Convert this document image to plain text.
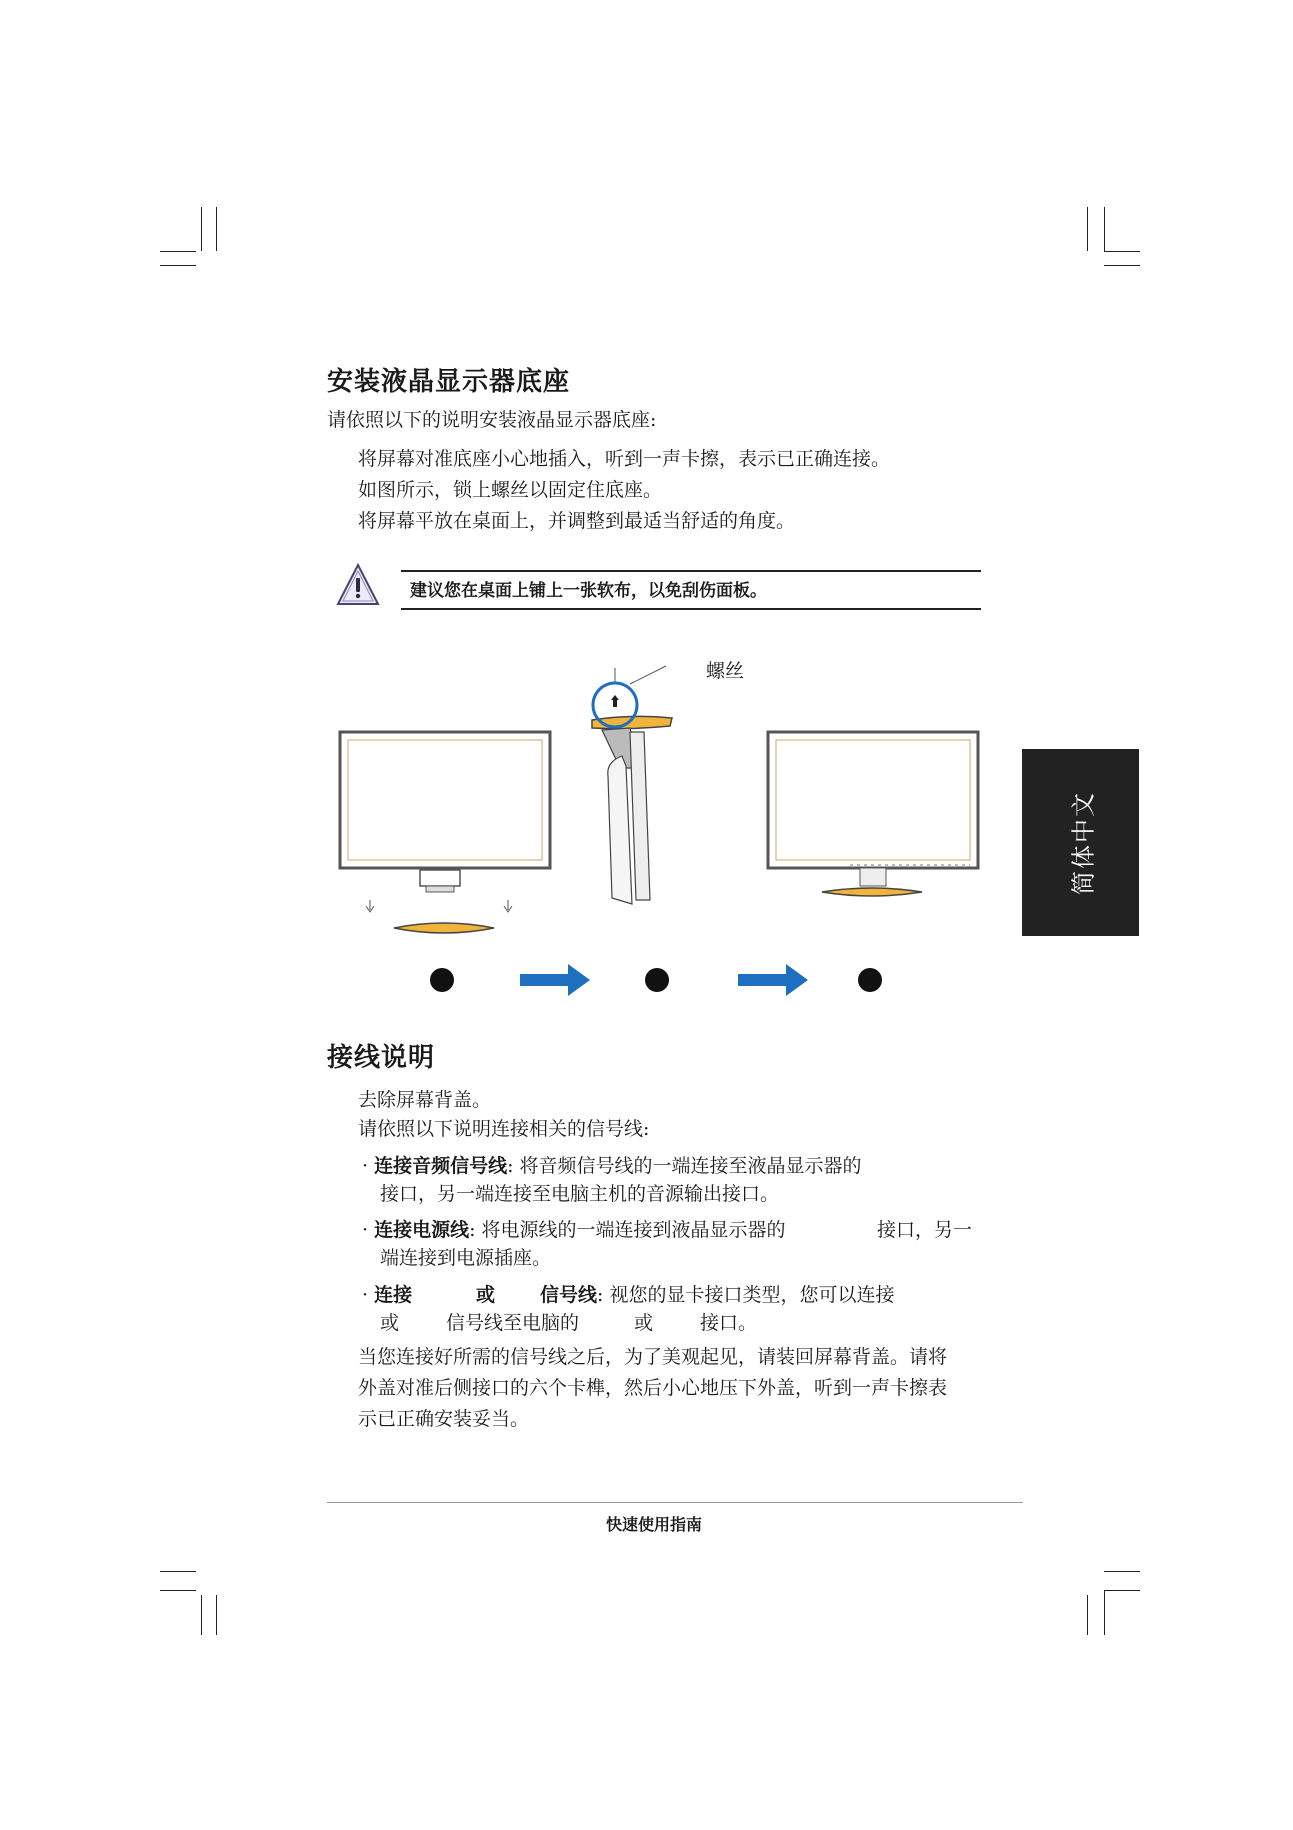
安装液晶显示器底座
请依照以下的说明安装液晶显示器底座:
将屏幕对准底座小心地插入，听到一声卡擦，表示已正确连接。
如图所示，锁上螺丝以固定住底座。
将屏幕平放在桌面上，并调整到最适当舒适的角度。
建议您在桌面上铺上一张软布，以免刮伤面板。
螺丝
简体中文
接线说明
去除屏幕背盖。
请依照以下说明连接相关的信号线:
· 连接音频信号线: 将音频信号线的一端连接至液晶显示器的
接口，另一端连接至电脑主机的音源输出接口。
· 连接电源线: 将电源线的一端连接到液晶显示器的	接口，另一
端连接到电源插座。
· 连接	或 信号线: 视您的显卡接口类型，您可以连接
或 信号线至电脑的	或 接口。
当您连接好所需的信号线之后，为了美观起见，请装回屏幕背盖。请将
外盖对准后侧接口的六个卡榫，然后小心地压下外盖，听到一声卡擦表
示已正确安装妥当。
快速使用指南
